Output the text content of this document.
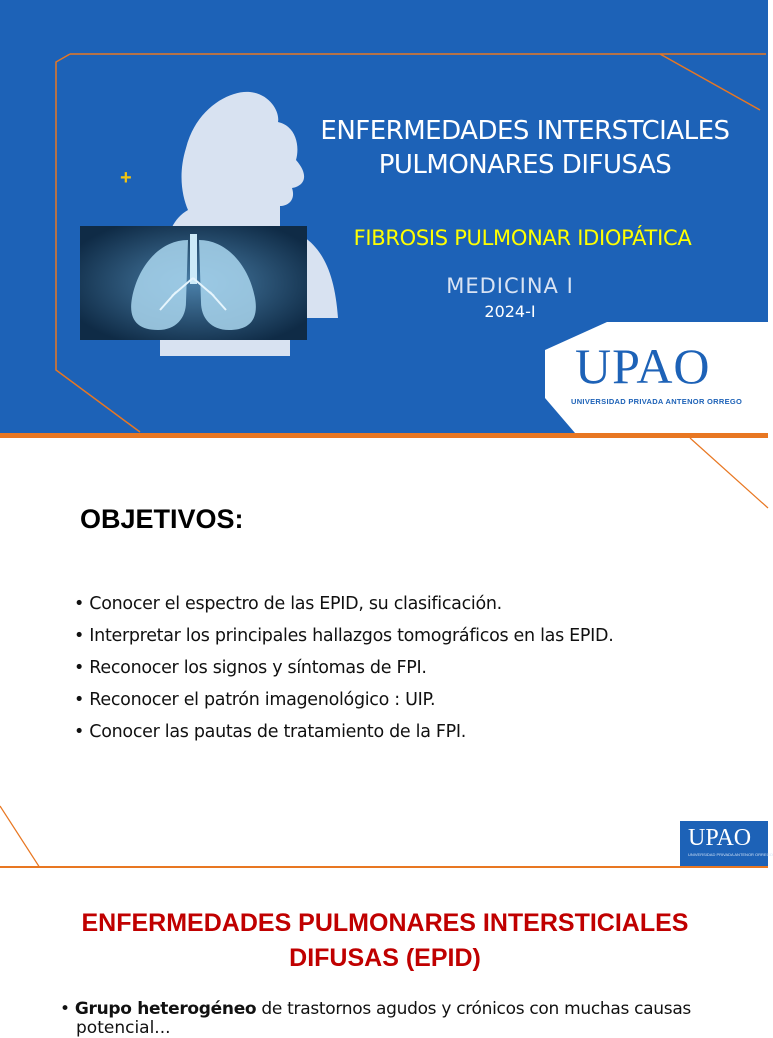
+
ENFERMEDADES INTERSTCIALES
PULMONARES DIFUSAS
FIBROSIS PULMONAR IDIOPÁTICA
MEDICINA I
2024-I
UPAO
UNIVERSIDAD PRIVADA ANTENOR ORREGO
OBJETIVOS:
• Conocer el espectro de las EPID, su clasificación.
• Interpretar los principales hallazgos tomográficos en las EPID.
• Reconocer los signos y síntomas de FPI.
• Reconocer el patrón imagenológico : UIP.
• Conocer las pautas de tratamiento de la FPI.
UPAO
UNIVERSIDAD PRIVADA ANTENOR ORREGO
ENFERMEDADES PULMONARES INTERSTICIALES
DIFUSAS (EPID)
• Grupo heterogéneo de trastornos agudos y crónicos con muchas causas
potencial...
